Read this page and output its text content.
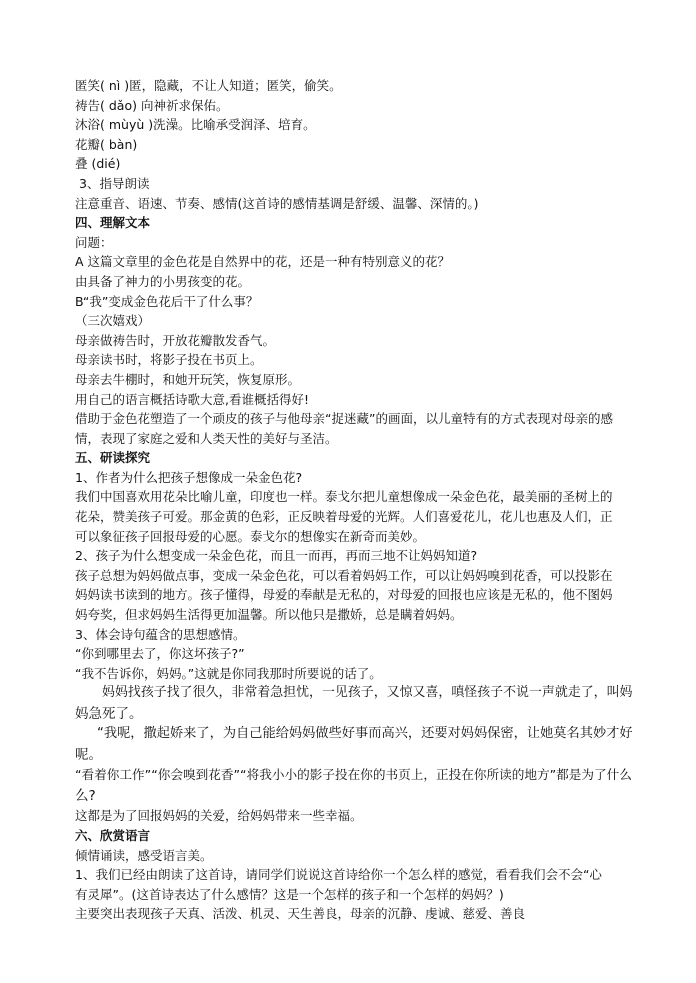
匿笑( nì )匿，隐藏，不让人知道；匿笑，偷笑。
祷告( dǎo) 向神祈求保佑。
沐浴( mùyù )洗澡。比喻承受润泽、培育。
花瓣( bàn)
叠 (dié)
3、指导朗读
注意重音、语速、节奏、感情(这首诗的感情基调是舒缓、温馨、深情的。)
四、理解文本
问题：
A 这篇文章里的金色花是自然界中的花，还是一种有特别意义的花？
由具备了神力的小男孩变的花。
B“我”变成金色花后干了什么事？
（三次嬉戏）
母亲做祷告时，开放花瓣散发香气。
母亲读书时，将影子投在书页上。
母亲去牛棚时，和她开玩笑，恢复原形。
用自己的语言概括诗歌大意,看谁概括得好!
借助于金色花塑造了一个顽皮的孩子与他母亲“捉迷藏”的画面，以儿童特有的方式表现对母亲的感
情，表现了家庭之爱和人类天性的美好与圣洁。
五、研读探究
1、作者为什么把孩子想像成一朵金色花?
我们中国喜欢用花朵比喻儿童，印度也一样。泰戈尔把儿童想像成一朵金色花，最美丽的圣树上的
花朵，赞美孩子可爱。那金黄的色彩，正反映着母爱的光辉。人们喜爱花儿，花儿也惠及人们，正
可以象征孩子回报母爱的心愿。泰戈尔的想像实在新奇而美妙。
2、孩子为什么想变成一朵金色花，而且一而再，再而三地不让妈妈知道?
孩子总想为妈妈做点事，变成一朵金色花，可以看着妈妈工作，可以让妈妈嗅到花香，可以投影在
妈妈读书读到的地方。孩子懂得，母爱的奉献是无私的，对母爱的回报也应该是无私的，他不图妈
妈夸奖，但求妈妈生活得更加温馨。所以他只是撒娇，总是瞒着妈妈。
3、体会诗句蕴含的思想感情。
“你到哪里去了，你这坏孩子?”
“我不告诉你，妈妈。”这就是你同我那时所要说的话了。
妈妈找孩子找了很久，非常着急担忧，一见孩子，又惊又喜，嗔怪孩子不说一声就走了，叫妈
妈急死了。
“我呢，撒起娇来了，为自己能给妈妈做些好事而高兴，还要对妈妈保密，让她莫名其妙才好
呢。
“看着你工作”“你会嗅到花香”“将我小小的影子投在你的书页上，正投在你所读的地方”都是为了什么
么?
这都是为了回报妈妈的关爱，给妈妈带来一些幸福。
六、欣赏语言
倾情诵读，感受语言美。
1、我们已经由朗读了这首诗，请同学们说说这首诗给你一个怎么样的感觉，看看我们会不会“心
有灵犀”。(这首诗表达了什么感情？这是一个怎样的孩子和一个怎样的妈妈？)
主要突出表现孩子天真、活泼、机灵、天生善良，母亲的沉静、虔诚、慈爱、善良
